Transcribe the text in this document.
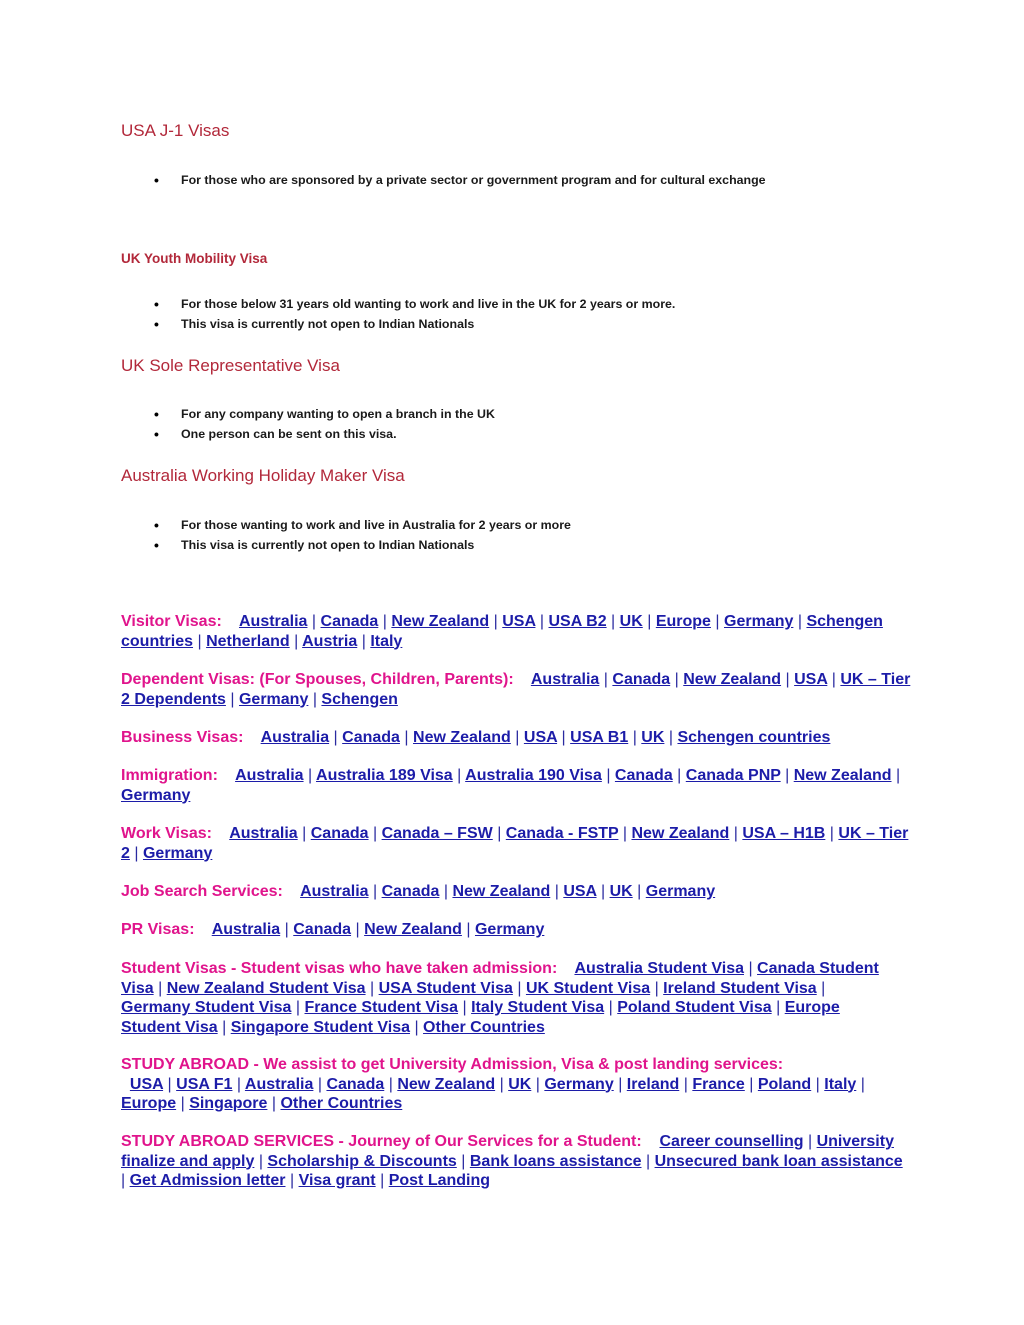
USA J-1 Visas
• For those who are sponsored by a private sector or government program and for cultural exchange
UK Youth Mobility Visa
• For those below 31 years old wanting to work and live in the UK for 2 years or more.
• This visa is currently not open to Indian Nationals
UK Sole Representative Visa
• For any company wanting to open a branch in the UK
• One person can be sent on this visa.
Australia Working Holiday Maker Visa
• For those wanting to work and live in Australia for 2 years or more
• This visa is currently not open to Indian Nationals
Visitor Visas: Australia | Canada | New Zealand | USA | USA B2 | UK | Europe | Germany | Schengen countries | Netherland | Austria | Italy
Dependent Visas: (For Spouses, Children, Parents): Australia | Canada | New Zealand | USA | UK – Tier 2 Dependents | Germany | Schengen
Business Visas: Australia | Canada | New Zealand | USA | USA B1 | UK | Schengen countries
Immigration: Australia | Australia 189 Visa | Australia 190 Visa | Canada | Canada PNP | New Zealand | Germany
Work Visas: Australia | Canada | Canada – FSW | Canada - FSTP | New Zealand | USA – H1B | UK – Tier 2 | Germany
Job Search Services: Australia | Canada | New Zealand | USA | UK | Germany
PR Visas: Australia | Canada | New Zealand | Germany
Student Visas - Student visas who have taken admission: Australia Student Visa | Canada Student Visa | New Zealand Student Visa | USA Student Visa | UK Student Visa | Ireland Student Visa | Germany Student Visa | France Student Visa | Italy Student Visa | Poland Student Visa | Europe Student Visa | Singapore Student Visa | Other Countries
STUDY ABROAD - We assist to get University Admission, Visa & post landing services:
USA | USA F1 | Australia | Canada | New Zealand | UK | Germany | Ireland | France | Poland | Italy | Europe | Singapore | Other Countries
STUDY ABROAD SERVICES - Journey of Our Services for a Student: Career counselling | University finalize and apply | Scholarship & Discounts | Bank loans assistance | Unsecured bank loan assistance | Get Admission letter | Visa grant | Post Landing
